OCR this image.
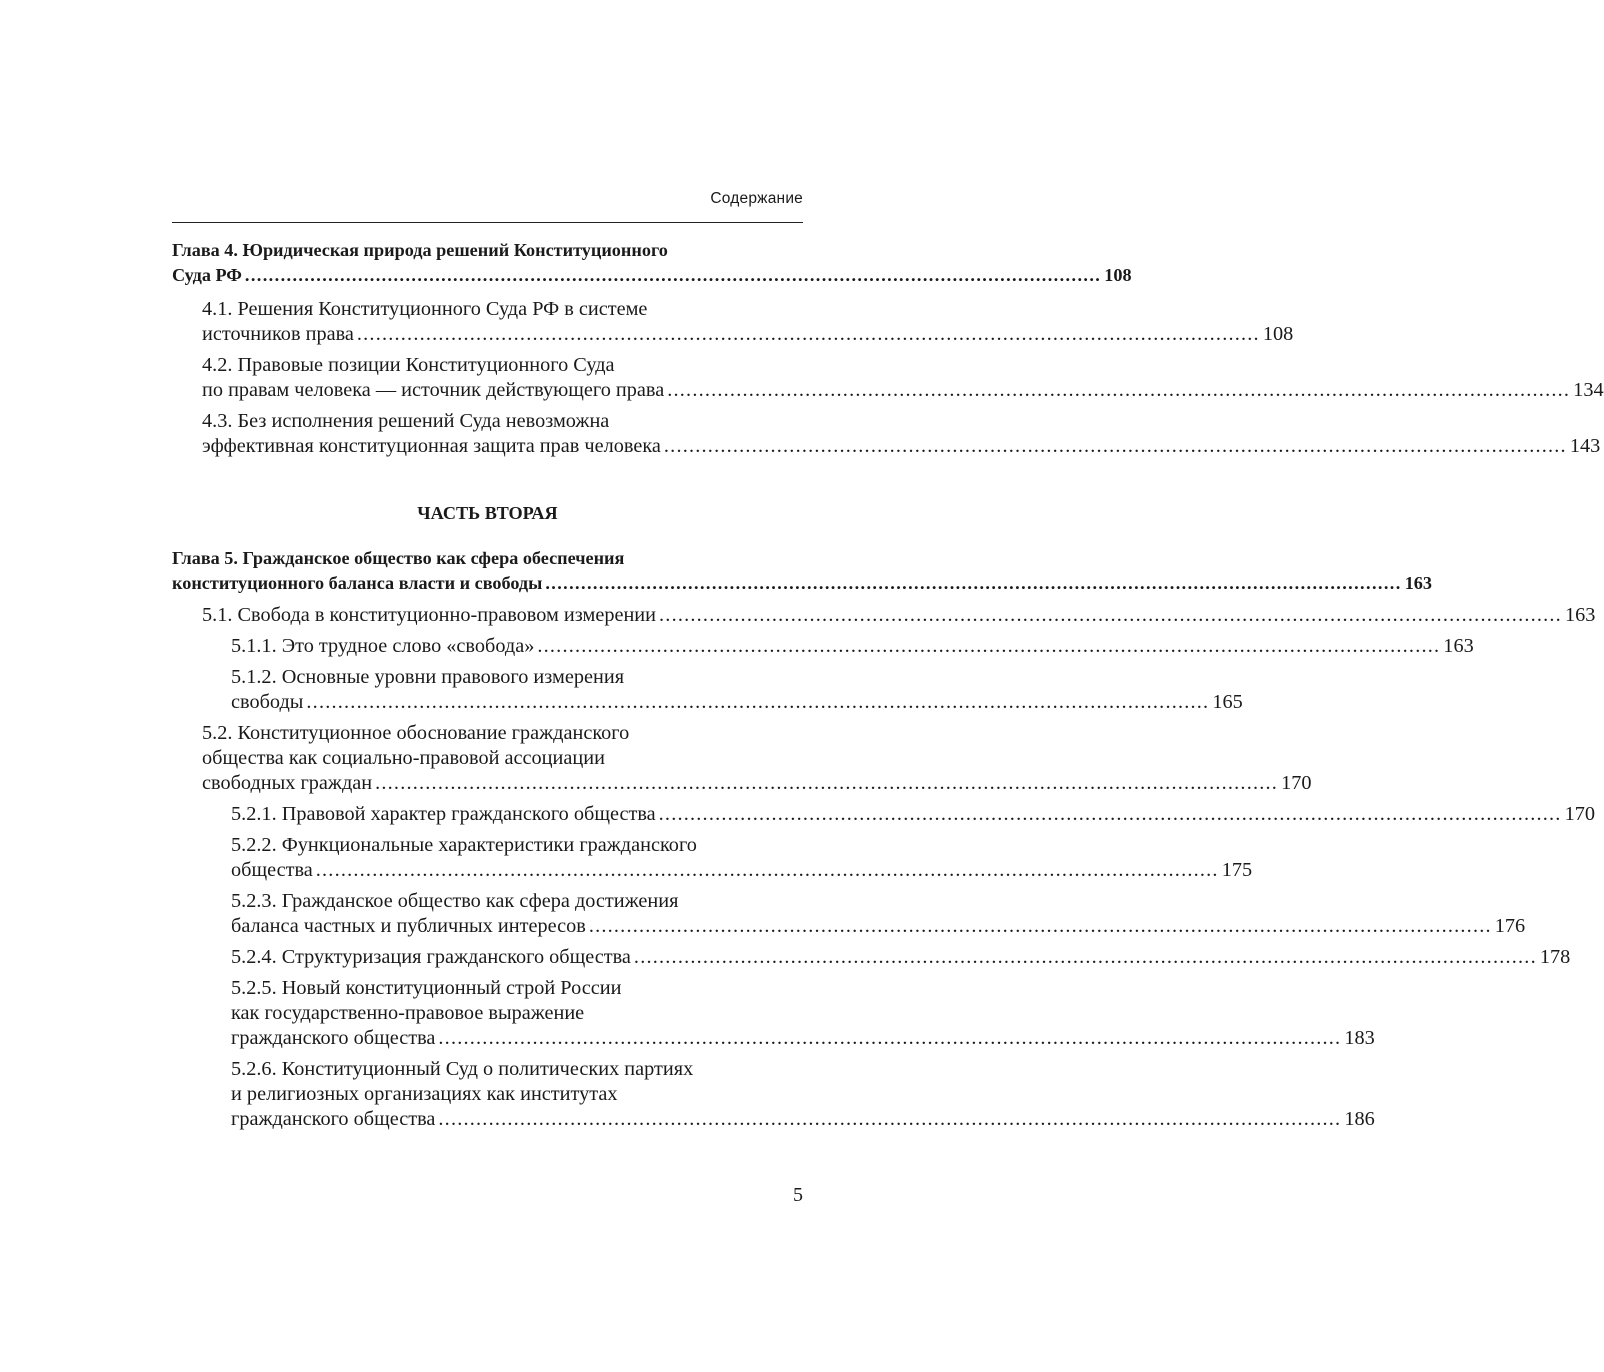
Содержание
Глава 4. Юридическая природа решений Конституционного
Суда РФ ................................................................................................................................................ 108
4.1. Решения Конституционного Суда РФ в системе
источников права ................................................................................................................................................ 108
4.2. Правовые позиции Конституционного Суда
по правам человека — источник действующего права ................................................................................................................................................ 134
4.3. Без исполнения решений Суда невозможна
эффективная конституционная защита прав человека ................................................................................................................................................ 143
ЧАСТЬ ВТОРАЯ
Глава 5. Гражданское общество как сфера обеспечения
конституционного баланса власти и свободы ................................................................................................................................................ 163
5.1. Свобода в конституционно-правовом измерении ................................................................................................................................................ 163
5.1.1. Это трудное слово «свобода» ................................................................................................................................................ 163
5.1.2. Основные уровни правового измерения
свободы ................................................................................................................................................ 165
5.2. Конституционное обоснование гражданского
общества как социально-правовой ассоциации
свободных граждан ................................................................................................................................................ 170
5.2.1. Правовой характер гражданского общества ................................................................................................................................................ 170
5.2.2. Функциональные характеристики гражданского
общества ................................................................................................................................................ 175
5.2.3. Гражданское общество как сфера достижения
баланса частных и публичных интересов ................................................................................................................................................ 176
5.2.4. Структуризация гражданского общества ................................................................................................................................................ 178
5.2.5. Новый конституционный строй России
как государственно-правовое выражение
гражданского общества ................................................................................................................................................ 183
5.2.6. Конституционный Суд о политических партиях
и религиозных организациях как институтах
гражданского общества ................................................................................................................................................ 186
5
